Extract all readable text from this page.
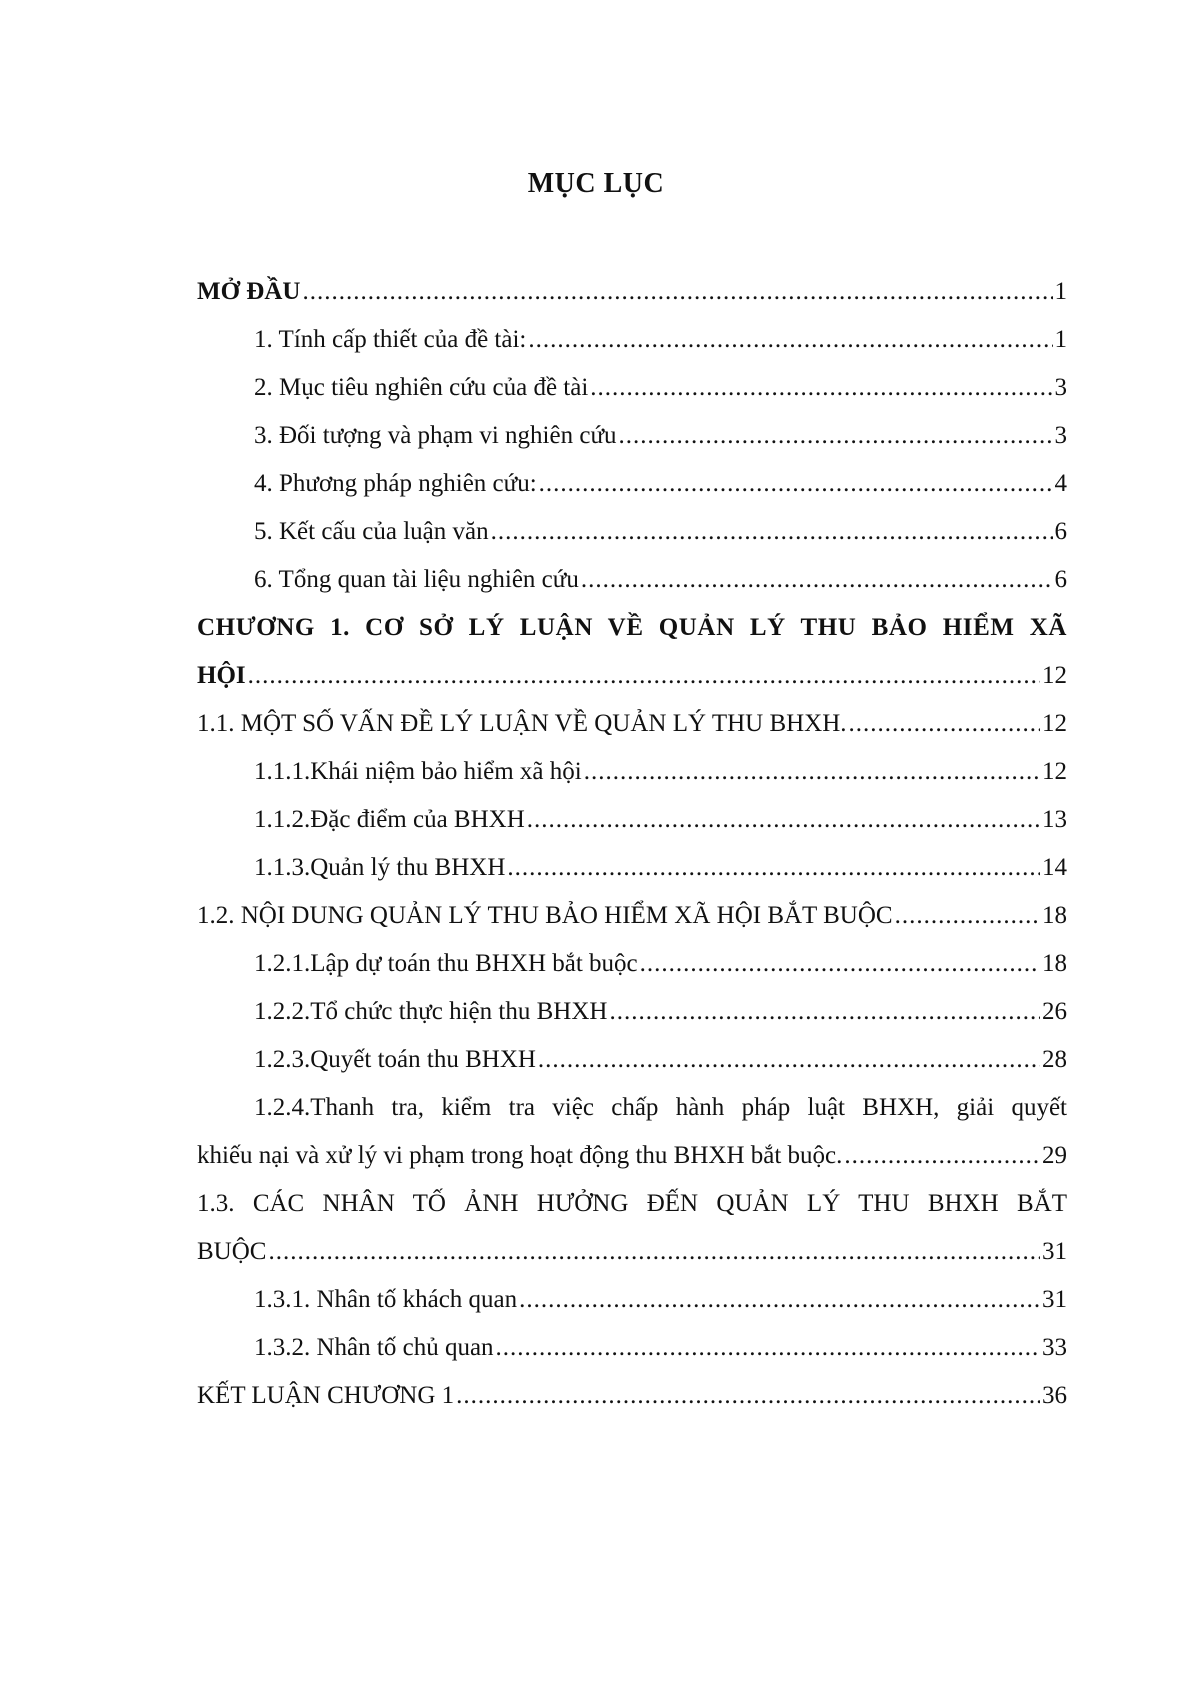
MỤC LỤC
MỞ ĐẦU .....	1
1. Tính cấp thiết của đề tài: .....	1
2. Mục tiêu nghiên cứu của đề tài .....	3
3. Đối tượng và phạm vi nghiên cứu .....	3
4. Phương pháp nghiên cứu: .....	4
5. Kết cấu của luận văn .....	6
6. Tổng quan tài liệu nghiên cứu .....	6
CHƯƠNG 1. CƠ SỞ LÝ LUẬN VỀ QUẢN LÝ THU BẢO HIỂM XÃ
HỘI .....	12
1.1. MỘT SỐ VẤN ĐỀ LÝ LUẬN VỀ QUẢN LÝ THU BHXH. .....	12
1.1.1.Khái niệm bảo hiểm xã hội .....	12
1.1.2.Đặc điểm của BHXH .....	13
1.1.3.Quản lý thu BHXH .....	14
1.2. NỘI DUNG QUẢN LÝ THU BẢO HIỂM XÃ HỘI BẮT BUỘC .....	18
1.2.1.Lập dự toán thu BHXH bắt buộc .....	18
1.2.2.Tổ chức thực hiện thu BHXH .....	26
1.2.3.Quyết toán thu BHXH .....	28
1.2.4.Thanh tra, kiểm tra việc chấp hành pháp luật BHXH, giải quyết
khiếu nại và xử lý vi phạm trong hoạt động thu BHXH bắt buộc. .....	29
1.3. CÁC NHÂN TỐ ẢNH HƯỞNG ĐẾN QUẢN LÝ THU BHXH BẮT
BUỘC .....	31
1.3.1. Nhân tố khách quan .....	31
1.3.2. Nhân tố chủ quan .....	33
KẾT LUẬN CHƯƠNG 1 .....	36
